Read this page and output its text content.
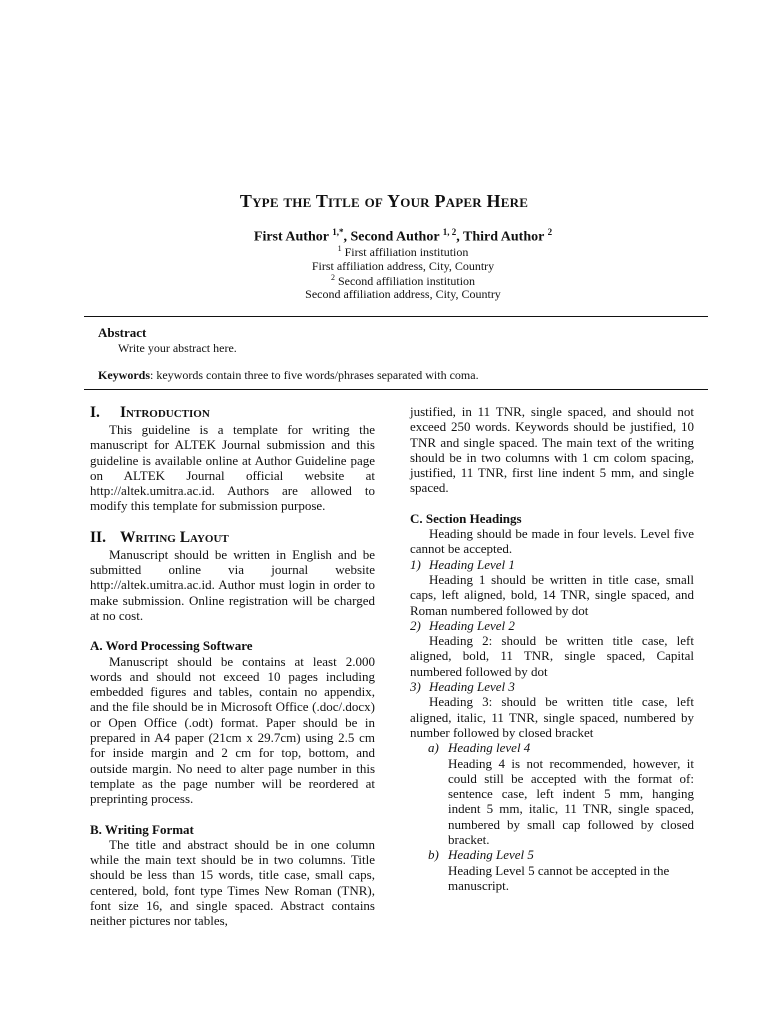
Type the Title of Your Paper Here
First Author $^{1,*}$, Second Author $^{1, 2}$, Third Author $^2$
$^1$ First affiliation institution
First affiliation address, City, Country
$^2$ Second affiliation institution
Second affiliation address, City, Country
Abstract
Write your abstract here.
Keywords: keywords contain three to five words/phrases separated with coma.
I. Introduction

This guideline is a template for writing the manuscript for ALTEK Journal submission and this guideline is available online at Author Guideline page on ALTEK Journal official website at http://altek.umitra.ac.id. Authors are allowed to modify this template for submission purpose.

II. Writing Layout

Manuscript should be written in English and be submitted online via journal website http://altek.umitra.ac.id. Author must login in order to make submission. Online registration will be charged at no cost.

A. Word Processing Software

Manuscript should be contains at least 2.000 words and should not exceed 10 pages including embedded figures and tables, contain no appendix, and the file should be in Microsoft Office (.doc/.docx) or Open Office (.odt) format. Paper should be in prepared in A4 paper (21cm x 29.7cm) using 2.5 cm for inside margin and 2 cm for top, bottom, and outside margin. No need to alter page number in this template as the page number will be reordered at preprinting process.

B. Writing Format

The title and abstract should be in one column while the main text should be in two columns. Title should be less than 15 words, title case, small caps, centered, bold, font type Times New Roman (TNR), font size 16, and single spaced. Abstract contains neither pictures nor tables,

justified, in 11 TNR, single spaced, and should not exceed 250 words. Keywords should be justified, 10 TNR and single spaced. The main text of the writing should be in two columns with 1 cm colom spacing, justified, 11 TNR, first line indent 5 mm, and single spaced.

C. Section Headings

Heading should be made in four levels. Level five cannot be accepted.

1) Heading Level 1

Heading 1 should be written in title case, small caps, left aligned, bold, 14 TNR, single spaced, and Roman numbered followed by dot

2) Heading Level 2

Heading 2: should be written title case, left aligned, bold, 11 TNR, single spaced, Capital numbered followed by dot

3) Heading Level 3

Heading 3: should be written title case, left aligned, italic, 11 TNR, single spaced, numbered by number followed by closed bracket

a) Heading level 4

Heading 4 is not recommended, however, it could still be accepted with the format of: sentence case, left indent 5 mm, hanging indent 5 mm, italic, 11 TNR, single spaced, numbered by small cap followed by closed bracket.

b) Heading Level 5

Heading Level 5 cannot be accepted in the manuscript.
